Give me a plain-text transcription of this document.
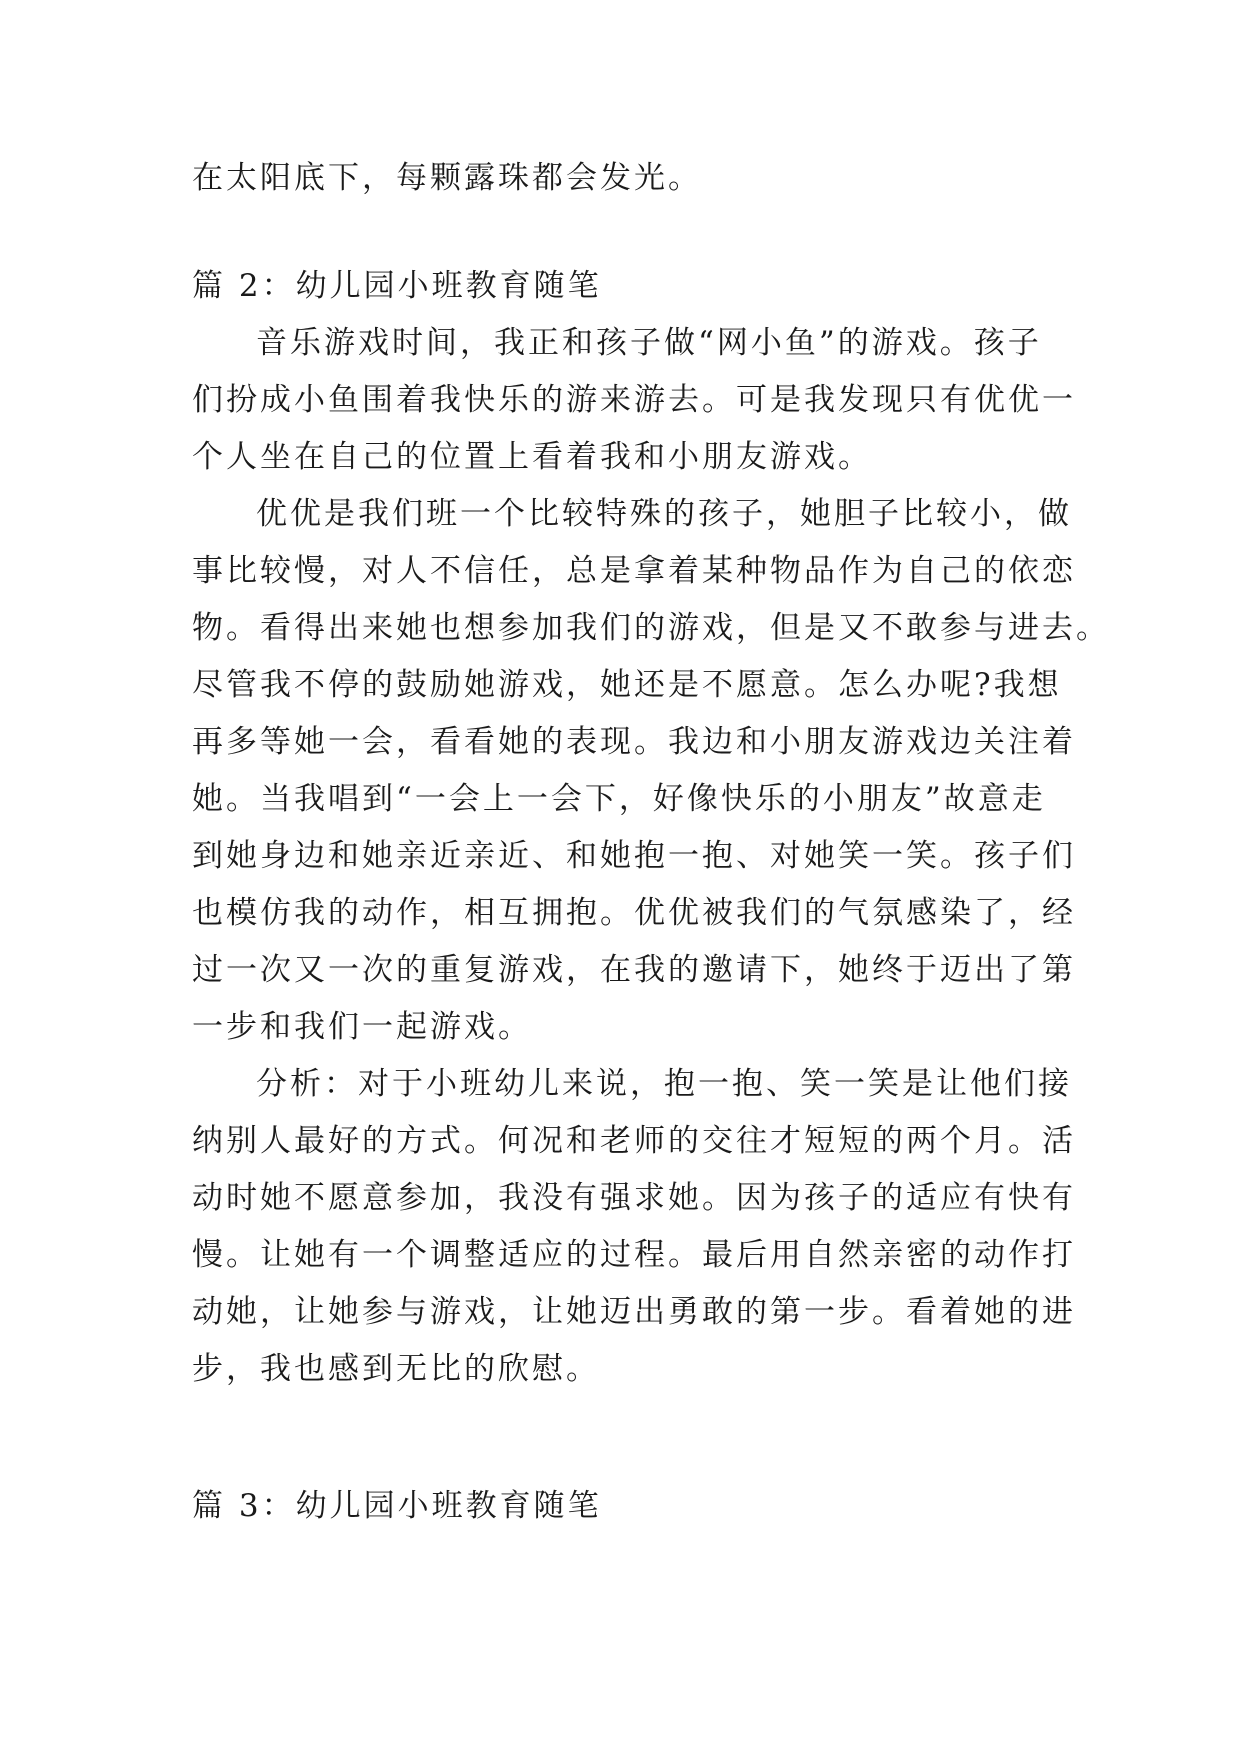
在太阳底下，每颗露珠都会发光。
篇 2：幼儿园小班教育随笔
音乐游戏时间，我正和孩子做“网小鱼”的游戏。孩子
们扮成小鱼围着我快乐的游来游去。可是我发现只有优优一
个人坐在自己的位置上看着我和小朋友游戏。
优优是我们班一个比较特殊的孩子，她胆子比较小，做
事比较慢，对人不信任，总是拿着某种物品作为自己的依恋
物。看得出来她也想参加我们的游戏，但是又不敢参与进去。
尽管我不停的鼓励她游戏，她还是不愿意。怎么办呢?我想
再多等她一会，看看她的表现。我边和小朋友游戏边关注着
她。当我唱到“一会上一会下，好像快乐的小朋友”故意走
到她身边和她亲近亲近、和她抱一抱、对她笑一笑。孩子们
也模仿我的动作，相互拥抱。优优被我们的气氛感染了，经
过一次又一次的重复游戏，在我的邀请下，她终于迈出了第
一步和我们一起游戏。
分析：对于小班幼儿来说，抱一抱、笑一笑是让他们接
纳别人最好的方式。何况和老师的交往才短短的两个月。活
动时她不愿意参加，我没有强求她。因为孩子的适应有快有
慢。让她有一个调整适应的过程。最后用自然亲密的动作打
动她，让她参与游戏，让她迈出勇敢的第一步。看着她的进
步，我也感到无比的欣慰。
篇 3：幼儿园小班教育随笔
